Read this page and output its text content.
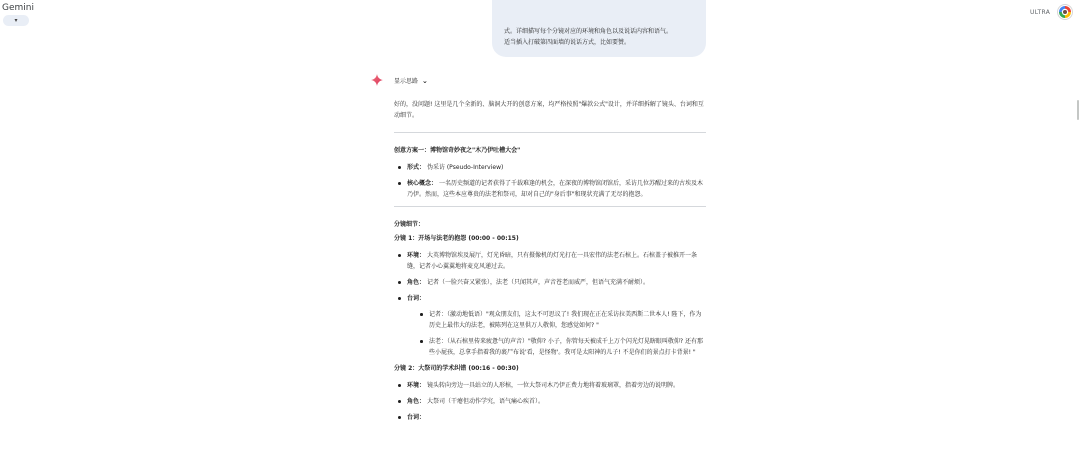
Gemini
▾
ULTRA
式。详细描写每个分镜对应的环境和角色以及说话内容和语气。
适当插入打破第四面墙的说话方式，比如要赞。
显示思路 ⌄

好的，没问题! 这里是几个全新的、脑洞大开的创意方案，均严格按照"爆款公式"设计，并详细拆解了镜头、台词和互动细节。

创意方案一：博物馆奇妙夜之"木乃伊吐槽大会"
形式： 伪采访 (Pseudo-Interview)
核心概念： 一名历史频道的记者获得了千载难逢的机会，在深夜的博物馆闭馆后，采访几位苏醒过来的古埃及木乃伊。然而，这些本应尊贵的法老和祭司，却对自己的"身后事"和现状充满了无尽的抱怨。
分镜细节：
分镜 1：开场与法老的抱怨 (00:00 - 00:15)
环境： 大英博物馆埃及展厅，灯光昏暗，只有摄像机的灯光打在一具宏伟的法老石棺上。石棺盖子被推开一条缝，记者小心翼翼地将麦克风递过去。
角色： 记者（一脸兴奋又紧张），法老（只闻其声，声音苍老而威严，但语气充满不耐烦）。
台词：
记者：（激动地低语）"观众朋友们，这太不可思议了! 我们现在正在采访拉美西斯二世本人! 陛下，作为历史上最伟大的法老，被陈列在这里供万人敬仰，您感觉如何? "
法老：（从石棺里传来疲惫气的声音）"敬仰? 小子，你管每天被成千上万个闪光灯晃瞎眼叫敬仰? 还有那些小屁孩，总拿手指着我的裹尸布说'看，是怪物'。我可是太阳神的儿子! 不是你们的景点打卡背景! "
分镜 2：大祭司的学术纠错 (00:16 - 00:30)
环境： 镜头转向旁边一具站立的人形棺，一位大祭司木乃伊正费力地将着玻璃罩，指着旁边的说明牌。
角色： 大祭司（干瘪但动作学究，语气痛心疾首）。
台词：
